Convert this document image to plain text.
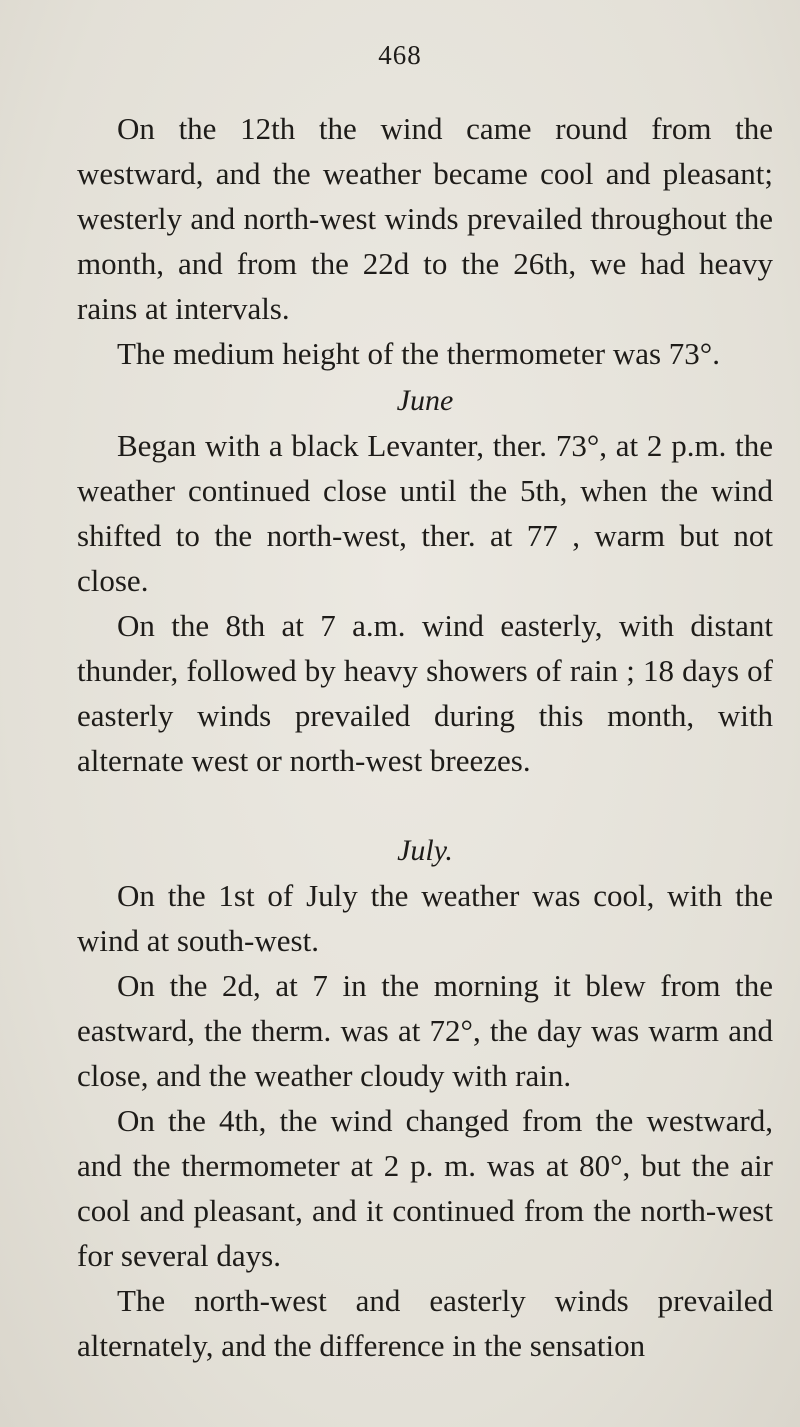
468

On the 12th the wind came round from the westward, and the weather became cool and pleasant; westerly and north-west winds prevailed throughout the month, and from the 22d to the 26th, we had heavy rains at intervals.

The medium height of the thermometer was 73°.

June

Began with a black Levanter, ther. 73°, at 2 p.m. the weather continued close until the 5th, when the wind shifted to the north-west, ther. at 77 , warm but not close.

On the 8th at 7 a.m. wind easterly, with distant thunder, followed by heavy showers of rain ; 18 days of easterly winds prevailed during this month, with alternate west or north-west breezes.

July.

On the 1st of July the weather was cool, with the wind at south-west.

On the 2d, at 7 in the morning it blew from the eastward, the therm. was at 72°, the day was warm and close, and the weather cloudy with rain.

On the 4th, the wind changed from the westward, and the thermometer at 2 p. m. was at 80°, but the air cool and pleasant, and it continued from the north-west for several days.

The north-west and easterly winds prevailed alternately, and the difference in the sensation
